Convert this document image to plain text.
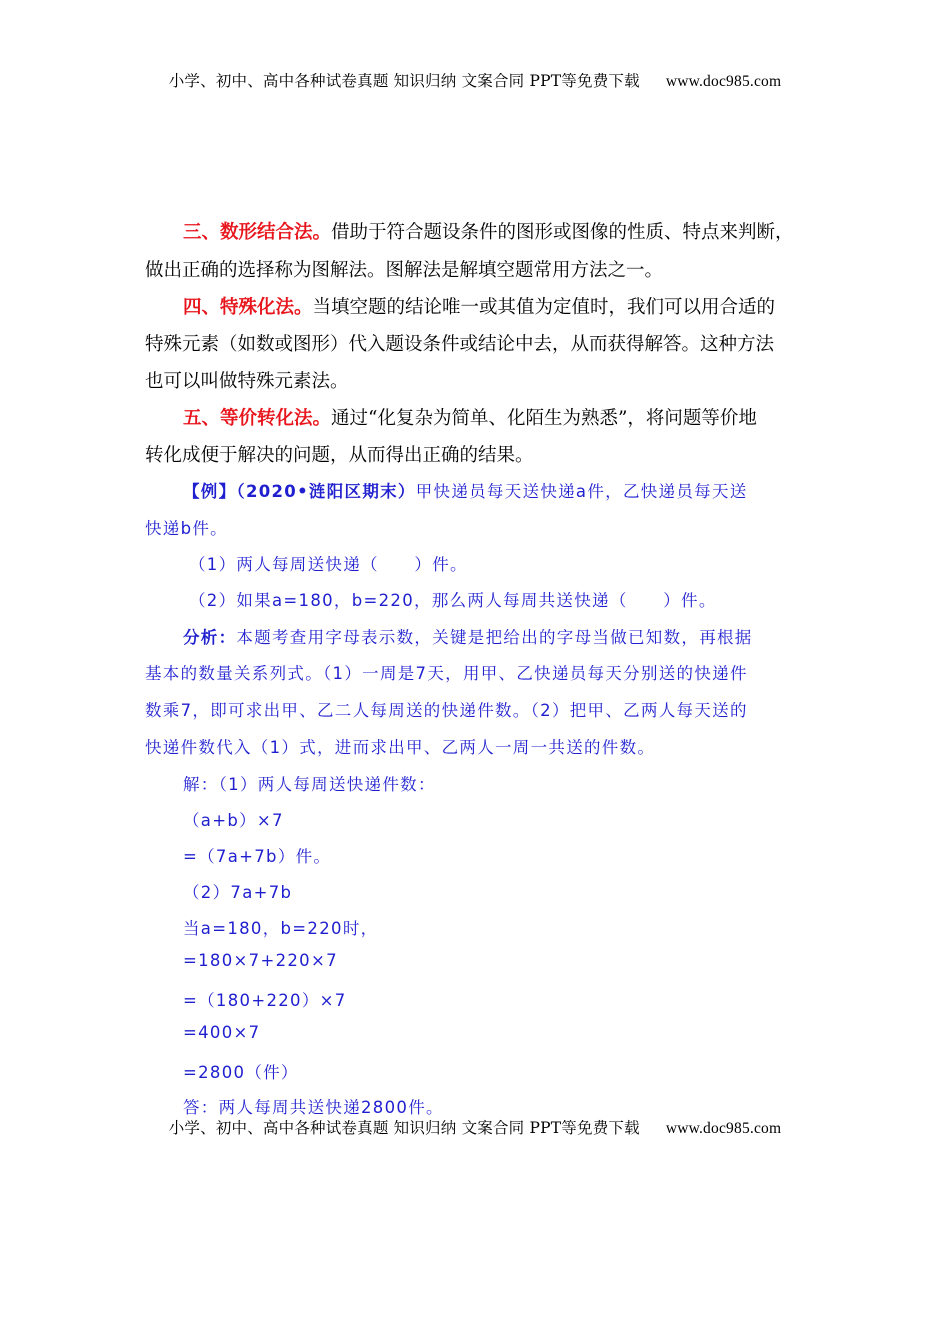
小学、初中、高中各种试卷真题 知识归纳 文案合同 PPT等免费下载 www.doc985.com
三、数形结合法。借助于符合题设条件的图形或图像的性质、特点来判断，
做出正确的选择称为图解法。图解法是解填空题常用方法之一。
四、特殊化法。当填空题的结论唯一或其值为定值时，我们可以用合适的
特殊元素（如数或图形）代入题设条件或结论中去，从而获得解答。这种方法
也可以叫做特殊元素法。
五、等价转化法。通过“化复杂为简单、化陌生为熟悉”，将问题等价地
转化成便于解决的问题，从而得出正确的结果。
【例】（2020•涟阳区期末）甲快递员每天送快递a件，乙快递员每天送
快递b件。
（1）两人每周送快递（　　）件。
（2）如果a=180，b=220，那么两人每周共送快递（　　）件。
分析：本题考查用字母表示数，关键是把给出的字母当做已知数，再根据
基本的数量关系列式。（1）一周是7天，用甲、乙快递员每天分别送的快递件
数乘7，即可求出甲、乙二人每周送的快递件数。（2）把甲、乙两人每天送的
快递件数代入（1）式，进而求出甲、乙两人一周一共送的件数。
解：（1）两人每周送快递件数：
（a+b）×7
=（7a+7b）件。
（2）7a+7b
当a=180，b=220时，
=180×7+220×7
=（180+220）×7
=400×7
=2800（件）
答：两人每周共送快递2800件。
小学、初中、高中各种试卷真题 知识归纳 文案合同 PPT等免费下载 www.doc985.com
